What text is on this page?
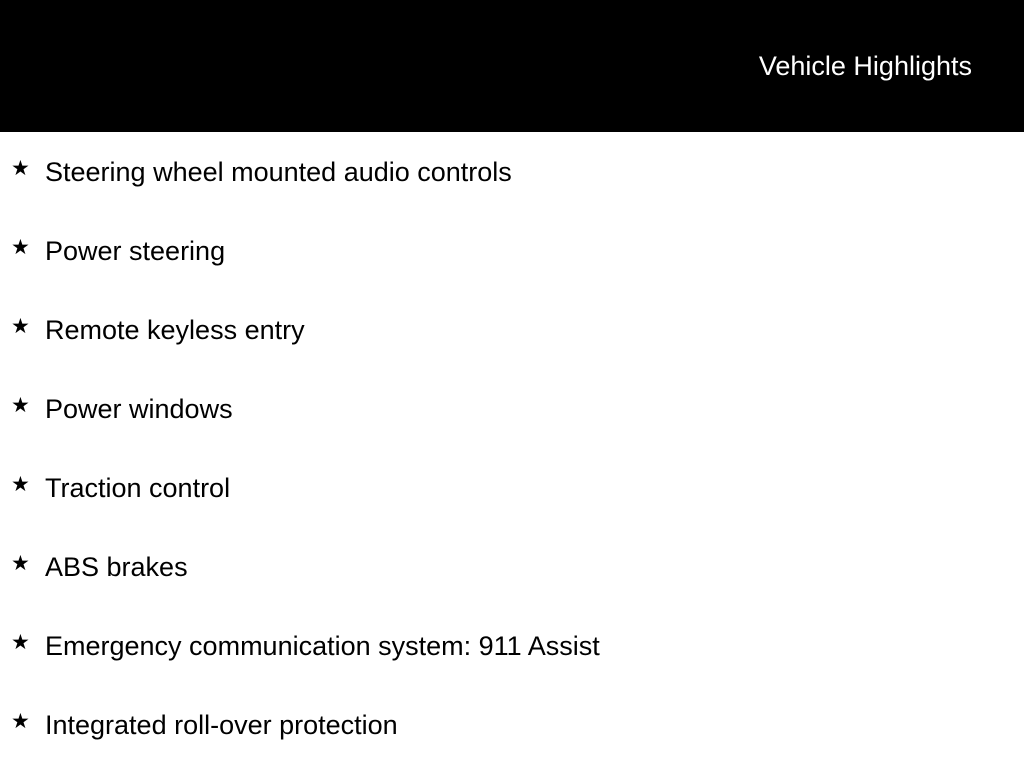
Vehicle Highlights
★ Steering wheel mounted audio controls
★ Power steering
★ Remote keyless entry
★ Power windows
★ Traction control
★ ABS brakes
★ Emergency communication system: 911 Assist
★ Integrated roll-over protection
